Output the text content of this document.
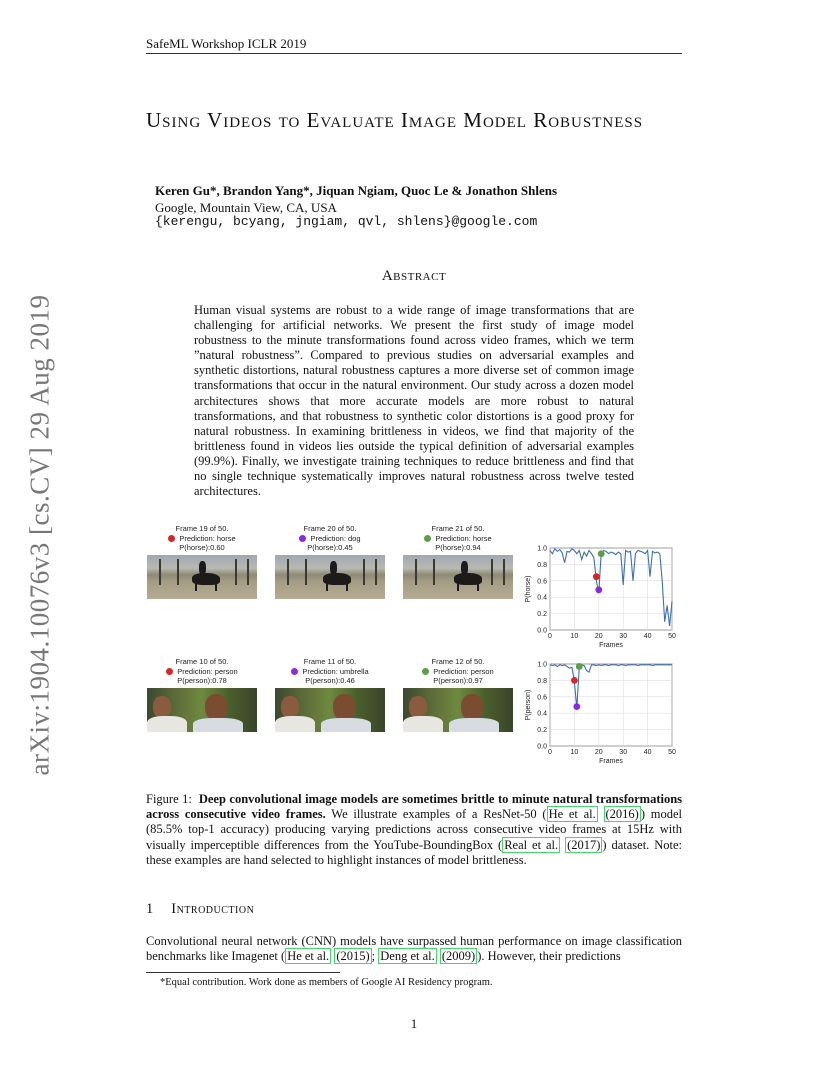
SafeML Workshop ICLR 2019
arXiv:1904.10076v3 [cs.CV] 29 Aug 2019
Using Videos to Evaluate Image Model Robustness
Keren Gu*, Brandon Yang*, Jiquan Ngiam, Quoc Le & Jonathon Shlens
Google, Mountain View, CA, USA
{kerengu, bcyang, jngiam, qvl, shlens}@google.com
Abstract
Human visual systems are robust to a wide range of image transformations that are challenging for artificial networks. We present the first study of image model robustness to the minute transformations found across video frames, which we term ”natural robustness”. Compared to previous studies on adversarial examples and synthetic distortions, natural robustness captures a more diverse set of common image transformations that occur in the natural environment. Our study across a dozen model architectures shows that more accurate models are more robust to natural transformations, and that robustness to synthetic color distortions is a good proxy for natural robustness. In examining brittleness in videos, we find that majority of the brittleness found in videos lies outside the typical definition of adversarial examples (99.9%). Finally, we investigate training techniques to reduce brittleness and find that no single technique systematically improves natural robustness across twelve tested architectures.
Frame 19 of 50.
Prediction: horse
P(horse):0.60
Frame 20 of 50.
Prediction: dog
P(horse):0.45
Frame 21 of 50.
Prediction: horse
P(horse):0.94
Frame 10 of 50.
Prediction: person
P(person):0.78
Frame 11 of 50.
Prediction: umbrella
P(person):0.46
Frame 12 of 50.
Prediction: person
P(person):0.97
0.0
0.2
0.4
0.6
0.8
1.0
0	10 20 30 40 50
Frames
P(horse)
0.0
0.2
0.4
0.6
0.8
1.0
0	10 20 30 40 50
Frames
P(person)
Figure 1: Deep convolutional image models are sometimes brittle to minute natural transformations across consecutive video frames. We illustrate examples of a ResNet-50 ( He et al. (2016) ) model (85.5% top-1 accuracy) producing varying predictions across consecutive video frames at 15Hz with visually imperceptible differences from the YouTube-BoundingBox ( Real et al. (2017) ) dataset. Note: these examples are hand selected to highlight instances of model brittleness.
1 Introduction
Convolutional neural network (CNN) models have surpassed human performance on image classification benchmarks like Imagenet ( He et al. (2015) ; Deng et al. (2009) ). However, their predictions
*Equal contribution. Work done as members of Google AI Residency program.
1
